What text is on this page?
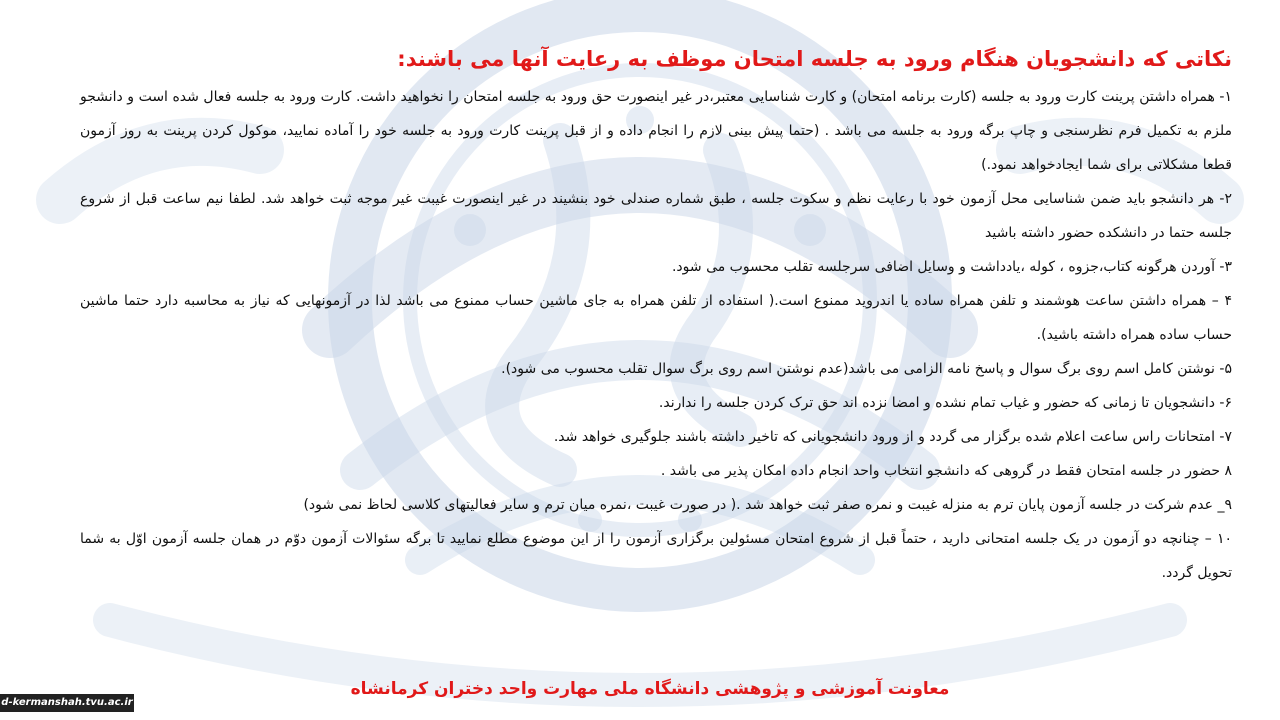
نکاتی که دانشجویان هنگام ورود به جلسه امتحان موظف به رعایت آنها می باشند:

۱- همراه داشتن پرینت کارت ورود به جلسه (کارت برنامه امتحان) و کارت شناسایی معتبر،در غیر اینصورت حق ورود به جلسه امتحان را نخواهید داشت. کارت ورود به جلسه فعال شده است و دانشجو ملزم به تکمیل فرم نظرسنجی و چاپ برگه ورود به جلسه می باشد . (حتما پیش بینی لازم را انجام داده و از قبل پرینت کارت ورود به جلسه خود را آماده نمایید، موکول کردن پرینت به روز آزمون قطعا مشکلاتی برای شما ایجادخواهد نمود.)

۲- هر دانشجو باید ضمن شناسایی محل آزمون خود با رعایت نظم و سکوت جلسه ، طبق شماره صندلی خود بنشیند در غیر اینصورت غیبت غیر موجه ثبت خواهد شد. لطفا نیم ساعت قبل از شروع جلسه حتما در دانشکده حضور داشته باشید

۳- آوردن هرگونه کتاب،جزوه ، کوله ،یادداشت و وسایل اضافی سرجلسه تقلب محسوب می شود.

۴ – همراه داشتن ساعت هوشمند و تلفن همراه ساده یا اندروید ممنوع است.( استفاده از تلفن همراه به جای ماشین حساب ممنوع می باشد لذا در آزمونهایی که نیاز به محاسبه دارد حتما ماشین حساب ساده همراه داشته باشید).

۵- نوشتن کامل اسم روی برگ سوال و پاسخ نامه الزامی می باشد(عدم نوشتن اسم روی برگ سوال تقلب محسوب می شود).

۶- دانشجویان تا زمانی که حضور و غیاب تمام نشده و امضا نزده اند حق ترک کردن جلسه را ندارند.

۷- امتحانات راس ساعت اعلام شده برگزار می گردد و از ورود دانشجویانی که تاخیر داشته باشند جلوگیری خواهد شد.

۸ حضور در جلسه امتحان فقط در گروهی که دانشجو انتخاب واحد انجام داده امکان پذیر می باشد .

۹_ عدم شرکت در جلسه آزمون پایان ترم به منزله غیبت و نمره صفر ثبت خواهد شد .( در صورت غیبت ،نمره میان ترم و سایر فعالیتهای کلاسی لحاظ نمی شود)

۱۰ – چنانچه دو آزمون در یک جلسه امتحانی دارید ، حتماً قبل از شروع امتحان مسئولین برگزاری آزمون را از این موضوع مطلع نمایید تا برگه سئوالات آزمون دوّم در همان جلسه آزمون اوّل به شما تحویل گردد.

معاونت آموزشی و پژوهشی دانشگاه ملی مهارت واحد دختران کرمانشاه
d-kermanshah.tvu.ac.ir
